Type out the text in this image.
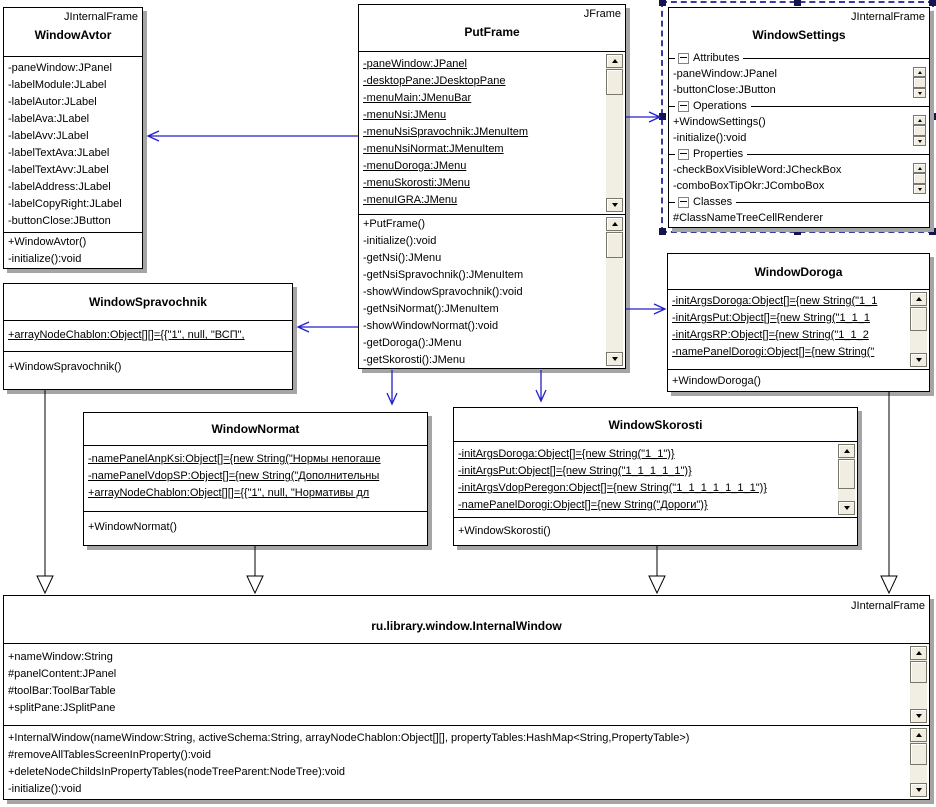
JInternalFrame
WindowAvtor
-paneWindow:JPanel
-labelModule:JLabel
-labelAutor:JLabel
-labelAva:JLabel
-labelAvv:JLabel
-labelTextAva:JLabel
-labelTextAvv:JLabel
-labelAddress:JLabel
-labelCopyRight:JLabel
-buttonClose:JButton
+WindowAvtor()
-initialize():void
JFrame
PutFrame
-paneWindow:JPanel
-desktopPane:JDesktopPane
-menuMain:JMenuBar
-menuNsi:JMenu
-menuNsiSpravochnik:JMenuItem
-menuNsiNormat:JMenuItem
-menuDoroga:JMenu
-menuSkorosti:JMenu
-menuIGRA:JMenu
+PutFrame()
-initialize():void
-getNsi():JMenu
-getNsiSpravochnik():JMenuItem
-showWindowSpravochnik():void
-getNsiNormat():JMenuItem
-showWindowNormat():void
-getDoroga():JMenu
-getSkorosti():JMenu
JInternalFrame
WindowSettings
Attributes
-paneWindow:JPanel
-buttonClose:JButton
Operations
+WindowSettings()
-initialize():void
Properties
-checkBoxVisibleWord:JCheckBox
-comboBoxTipOkr:JComboBox
Classes
#ClassNameTreeCellRenderer
WindowDoroga
-initArgsDoroga:Object[]={new String("1_1
-initArgsPut:Object[]={new String("1_1_1
-initArgsRP:Object[]={new String("1_1_2
-namePanelDorogi:Object[]={new String("
+WindowDoroga()
WindowSpravochnik
+arrayNodeChablon:Object[][]={{"1", null, "ВСП",
+WindowSpravochnik()
WindowNormat
-namePanelAnpKsi:Object[]={new String("Нормы непогаше
-namePanelVdopSP:Object[]={new String("Дополнительны
+arrayNodeChablon:Object[][]={{"1", null, "Нормативы дл
+WindowNormat()
WindowSkorosti
-initArgsDoroga:Object[]={new String("1_1")}
-initArgsPut:Object[]={new String("1_1_1_1_1")}
-initArgsVdopPeregon:Object[]={new String("1_1_1_1_1_1_1")}
-namePanelDorogi:Object[]={new String("Дороги")}
+WindowSkorosti()
JInternalFrame
ru.library.window.InternalWindow
+nameWindow:String
#panelContent:JPanel
#toolBar:ToolBarTable
+splitPane:JSplitPane
+InternalWindow(nameWindow:String, activeSchema:String, arrayNodeChablon:Object[][], propertyTables:HashMap<String,PropertyTable>)
#removeAllTablesScreenInProperty():void
+deleteNodeChildsInPropertyTables(nodeTreeParent:NodeTree):void
-initialize():void
